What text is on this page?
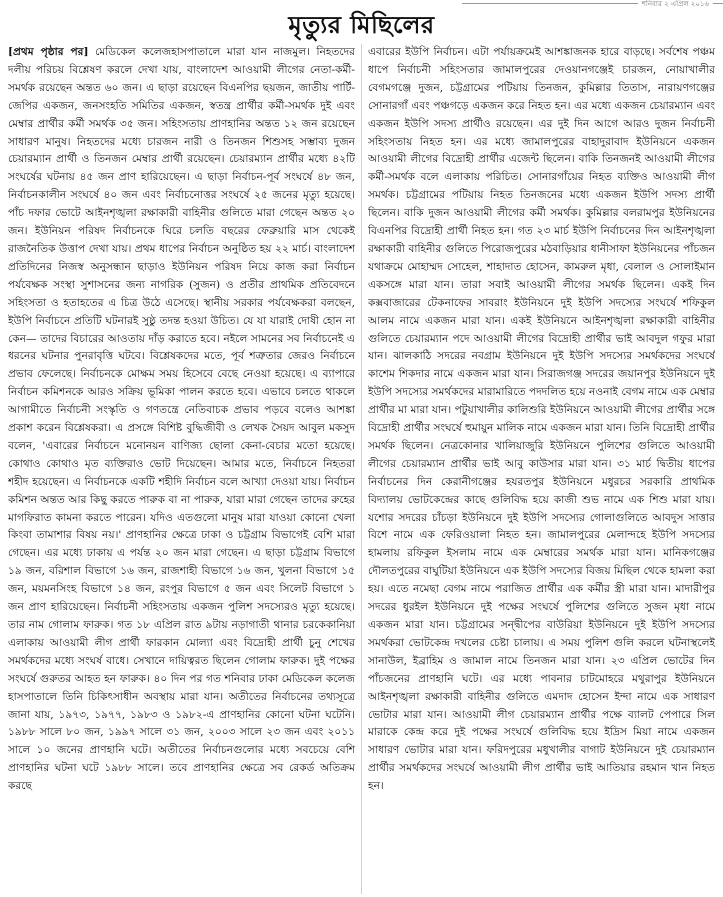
শনিবার ২ এপ্রিল ২০১৬
মৃত্যুর মিছিলের
[প্রথম পৃষ্ঠার পর] মেডিকেল কলেজহাসপাতালে মারা যান নাজমুল। নিহতদের দলীয় পরিচয় বিশ্লেষণ করলে দেখা যায়, বাংলাদেশ আওয়ামী লীগের নেতা-কর্মী-সমর্থক রয়েছেন অন্তত ৬০ জন। এ ছাড়া রয়েছেন বিএনপির ছয়জন, জাতীয় পার্টি-জেপির একজন, জনসংহতি সমিতির একজন, স্বতন্ত্র প্রার্থীর কর্মী-সমর্থক দুই এবং মেম্বার প্রার্থীর কর্মী সমর্থক ৩৫ জন। সহিংসতায় প্রাণহানির অন্তত ১২ জন রয়েছেন সাধারণ মানুষ। নিহতদের মধ্যে চারজন নারী ও তিনজন শিশুসহ সম্ভাব্য দুজন চেয়ারম্যান প্রার্থী ও তিনজন মেম্বার প্রার্থী রয়েছেন। চেয়ারম্যান প্রার্থীর মধ্যে ৪২টি সংঘর্ষের ঘটনায় ৪৫ জন প্রাণ হারিয়েছেন। এ ছাড়া নির্বাচন-পূর্ব সংঘর্ষে ৪৮ জন, নির্বাচনকালীন সংঘর্ষে ৪০ জন এবং নির্বাচনোত্তর সংঘর্ষে ২৫ জনের মৃত্যু হয়েছে। পাঁচ দফার ভোটে আইনশৃঙ্খলা রক্ষাকারী বাহিনীর গুলিতে মারা গেছেন অন্তত ২০ জন। ইউনিয়ন পরিষদ নির্বাচনকে ঘিরে চলতি বছরের ফেব্রুয়ারি মাস থেকেই রাজনৈতিক উত্তাপ দেখা যায়। প্রথম ধাপের নির্বাচন অনুষ্ঠিত হয় ২২ মার্চ। বাংলাদেশ প্রতিদিনের নিজস্ব অনুসন্ধান ছাড়াও ইউনিয়ন পরিষদ নিয়ে কাজ করা নির্বাচন পর্যবেক্ষক সংস্থা সুশাসনের জন্য নাগরিক (সুজন) ও প্রতীর প্রাথমিক প্রতিবেদনে সহিংসতা ও হতাহতের এ চিত্র উঠে এসেছে। স্থানীয় সরকার পর্যবেক্ষকরা বলছেন, ইউপি নির্বাচনে প্রতিটি ঘটনারই সুষ্ঠু তদন্ত হওয়া উচিত। যে যা যারাই দোষী হোন না কেন— তাদের বিচারের আওতায় দাঁড় করাতে হবে। নইলে সামনের সব নির্বাচনেই এ ধরনের ঘটনার পুনরাবৃত্তি ঘটবে। বিশ্লেষকদের মতে, পূর্ব শত্রুতার জেরও নির্বাচনে প্রভাব ফেলেছে। নির্বাচনকে মোক্ষম সময় হিসেবে বেছে নেওয়া হয়েছে। এ ব্যাপারে নির্বাচন কমিশনকে আরও সক্রিয় ভূমিকা পালন করতে হবে। এভাবে চলতে থাকলে আগামীতে নির্বাচনী সংস্কৃতি ও গণতন্ত্রে নেতিবাচক প্রভাব পড়বে বলেও আশঙ্কা প্রকাশ করেন বিশ্লেষকরা। এ প্রসঙ্গে বিশিষ্ট বুদ্ধিজীবী ও লেখক সৈয়দ আবুল মকসুদ বলেন, 'এবারের নির্বাচনে মনোনয়ন বাণিজ্য ছোলা কেনা-বেচার মতো হয়েছে। কোথাও কোথাও মৃত ব্যক্তিরাও ভোট দিয়েছেন। আমার মতে, নির্বাচনে নিহতরা শহীদ হয়েছেন। এ নির্বাচনকে একটি শহীদি নির্বাচন বলে আখ্যা দেওয়া যায়। নির্বাচন কমিশন অন্তত আর কিছু করতে পারুক বা না পারুক, যারা মারা গেছেন তাদের রুহের মাগফিরাত কামনা করতে পারেন। যদিও এতগুলো মানুষ মারা যাওয়া কোনো খেলা কিংবা তামাশার বিষয় নয়।' প্রাণহানির ক্ষেত্রে ঢাকা ও চট্টগ্রাম বিভাগেই বেশি মারা গেছেন। এর মধ্যে ঢাকায় এ পর্যন্ত ২০ জন মারা গেছেন। এ ছাড়া চট্টগ্রাম বিভাগে ১৯ জন, বরিশাল বিভাগে ১৬ জন, রাজশাহী বিভাগে ১৬ জন, খুলনা বিভাগে ১৫ জন, ময়মনসিংহ বিভাগে ১৪ জন, রংপুর বিভাগে ৫ জন এবং সিলেট বিভাগে ১ জন প্রাণ হারিয়েছেন। নির্বাচনী সহিংসতায় একজন পুলিশ সদস্যেরও মৃত্যু হয়েছে। তার নাম গোলাম ফারুক। গত ১৮ এপ্রিল রাত ৯টায় নড়াগাতী থানার চরকেকানিয়া এলাকায় আওয়ামী লীগ প্রার্থী ফারকান মোল্যা এবং বিদ্রোহী প্রার্থী চুনু শেখের সমর্থকদের মধ্যে সংঘর্ষ বাধে। সেখানে দায়িত্বরত ছিলেন গোলাম ফারুক। দুই পক্ষের সংঘর্ষে গুরুতর আহত হন ফারুক। ৪০ দিন পর গত শনিবার ঢাকা মেডিকেল কলেজ হাসপাতালে তিনি চিকিৎসাধীন অবস্থায় মারা যান। অতীতের নির্বাচনের তথ্যসূত্রে জানা যায়, ১৯৭৩, ১৯৭৭, ১৯৮৩ ও ১৯৮২-এ প্রাণহানির কোনো ঘটনা ঘটেনি। ১৯৮৮ সালে ৮০ জন, ১৯৯৭ সালে ৩১ জন, ২০০৩ সালে ২৩ জন এবং ২০১১ সালে ১০ জনের প্রাণহানি ঘটে। অতীতের নির্বাচনগুলোর মধ্যে সবচেয়ে বেশি প্রাণহানির ঘটনা ঘটে ১৯৮৮ সালে। তবে প্রাণহানির ক্ষেত্রে সব রেকর্ড অতিক্রম করছে
এবারের ইউপি নির্বাচন। এটা পর্যায়ক্রমেই আশঙ্কাজনক হারে বাড়ছে। সর্বশেষ পঞ্চম ধাপে নির্বাচনী সহিংসতার জামালপুরের দেওয়ানগঞ্জেই চারজন, নোয়াখালীর বেগমগঞ্জে দুজন, চট্টগ্রামের পটিয়ায় তিনজন, কুমিল্লার তিতাস, নারায়ণগঞ্জের সোনারগাঁ এবং পঞ্চগড়ে একজন করে নিহত হন। এর মধ্যে একজন চেয়ারম্যান এবং একজন ইউপি সদস্য প্রার্থীও রয়েছেন। এর দুই দিন আগে আরও দুজন নির্বাচনী সহিংসতায় নিহত হন। এর মধ্যে জামালপুরের বাহাদুরাবাদ ইউনিয়নে একজন আওয়ামী লীগের বিদ্রোহী প্রার্থীর এজেন্ট ছিলেন। বাকি তিনজনই আওয়ামী লীগের কর্মী-সমর্থক বলে এলাকায় পরিচিত। সোনারগাঁয়ের নিহত ব্যক্তিও আওয়ামী লীগ সমর্থক। চট্টগ্রামের পটিয়ায় নিহত তিনজনের মধ্যে একজন ইউপি সদস্য প্রার্থী ছিলেন। বাকি দুজন আওয়ামী লীগের কর্মী সমর্থক। কুমিল্লার বলরামপুর ইউনিয়নের বিএনপির বিদ্রোহী প্রার্থী নিহত হন। গত ২৩ মার্চ ইউপি নির্বাচনের দিন আইনশৃঙ্খলা রক্ষাকারী বাহিনীর গুলিতে পিরোজপুরের মঠবাড়িয়ার ধানীসাফা ইউনিয়নের পাঁচজন যথাক্রমে মোহাম্মদ সোহেল, শাহাদাত হোসেন, কামরুল মৃধা, বেলাল ও সোলাইমান একসঙ্গে মারা যান। তারা সবাই আওয়ামী লীগের সমর্থক ছিলেন। একই দিন কক্সবাজারের টেকনাফের সাবরাং ইউনিয়নে দুই ইউপি সদস্যের সংঘর্ষে শফিকুল আলম নামে একজন মারা যান। একই ইউনিয়নে আইনশৃঙ্খলা রক্ষাকারী বাহিনীর গুলিতে চেয়ারম্যান পদে আওয়ামী লীগের বিদ্রোহী প্রার্থীর ভাই আবদুল গফুর মারা যান। ঝালকাঠি সদরের নবগ্রাম ইউনিয়নে দুই ইউপি সদস্যের সমর্থকদের সংঘর্ষে কাশেম শিকদার নামে একজন মারা যান। সিরাজগঞ্জ সদরের জয়ানপুর ইউনিয়নে দুই ইউপি সদস্যের সমর্থকদের মারামারিতে পদদলিত হয়ে নওনাই বেগম নামে এক মেম্বার প্রার্থীর মা মারা যান। পটুয়াখালীর কালিশুরি ইউনিয়নে আওয়ামী লীগের প্রার্থীর সঙ্গে বিদ্রোহী প্রার্থীর সংঘর্ষে হুমায়ুন মালিক নামে একজন মারা যান। তিনি বিদ্রোহী প্রার্থীর সমর্থক ছিলেন। নেত্রকোনার খালিয়াজুরি ইউনিয়নে পুলিশের গুলিতে আওয়ামী লীগের চেয়ারম্যান প্রার্থীর ভাই আবু কাউসার মারা যান। ৩১ মার্চ দ্বিতীয় ধাপের নির্বাচনের দিন কেরানীগঞ্জের হযরতপুর ইউনিয়নে মধুরচর সরকারি প্রাথমিক বিদ্যালয় ভোটকেন্দ্রের কাছে গুলিবিদ্ধ হয়ে কাজী শুভ নামে এক শিশু মারা যায়। যশোর সদরের চাঁচড়া ইউনিয়নে দুই ইউপি সদস্যের গোলাগুলিতে আবদুস সাত্তার বিশে নামে এক ফেরিওয়ালা নিহত হন। জামালপুরের মেলান্দহে ইউপি সদস্যের হামলায় রফিকুল ইসলাম নামে এক মেম্বারের সমর্থক মারা যান। মানিকগঞ্জের দৌলতপুরের বাঘুটিয়া ইউনিয়নে এক ইউপি সদস্যের বিজয় মিছিল থেকে হামলা করা হয়। এতে নমেছা বেগম নামে পরাজিত প্রার্থীর এক কর্মীর স্ত্রী মারা যান। মাদারীপুর সদরের ধুরইল ইউনিয়নে দুই পক্ষের সংঘর্ষে পুলিশের গুলিতে সুজন মৃধা নামে একজন মারা যান। চট্টগ্রামের সন্দ্বীপের বাউরিয়া ইউনিয়নে দুই ইউপি সদস্যের সমর্থকরা ভোটকেন্দ্র দখলের চেষ্টা চালায়। এ সময় পুলিশ গুলি করলে ঘটনাস্থলেই সানাউল, ইব্রাহিম ও জামাল নামে তিনজন মারা যান। ২৩ এপ্রিল ভোটের দিন পাঁচজনের প্রাণহানি ঘটে। এর মধ্যে পাবনার চাটমোহরে মথুরাপুর ইউনিয়নে আইনশৃঙ্খলা রক্ষাকারী বাহিনীর গুলিতে এমদাদ হোসেন ইন্দা নামে এক সাধারণ ভোটার মারা যান। আওয়ামী লীগ চেয়ারম্যান প্রার্থীর পক্ষে ব্যালট পেপারে সিল মারাকে কেন্দ্র করে দুই পক্ষের সংঘর্ষে গুলিবিদ্ধ হয়ে ইদ্রিস মিয়া নামে একজন সাধারণ ভোটার মারা যান। ফরিদপুরের মধুখালীর বাগাট ইউনিয়নে দুই চেয়ারম্যান প্রার্থীর সমর্থকদের সংঘর্ষে আওয়ামী লীগ প্রার্থীর ভাই আতিয়ার রহমান খান নিহত হন।
